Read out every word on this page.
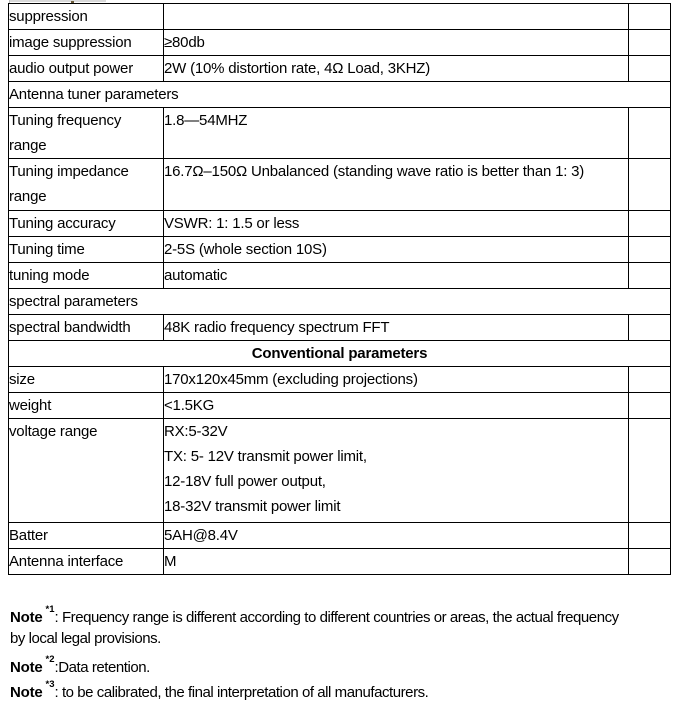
suppression		

image suppression	≥80db	

audio output power	2W (10% distortion rate, 4Ω Load, 3KHZ)	

Antenna tuner parameters		

Tuning frequency
range	1.8—54MHZ	

Tuning impedance
range	16.7Ω–150Ω Unbalanced (standing wave ratio is better than 1: 3)	

Tuning accuracy	VSWR: 1: 1.5 or less	

Tuning time	2-5S (whole section 10S)	

tuning mode	automatic	

spectral parameters		

spectral bandwidth	48K radio frequency spectrum FFT	

Conventional parameters		

size	170x120x45mm (excluding projections)	

weight	<1.5KG	

voltage range	RX:5-32V
TX: 5- 12V transmit power limit,
12-18V full power output,
18-32V transmit power limit	

Batter	5AH@8.4V	

Antenna interface	M	

Note $^{*1}$: Frequency range is different according to different countries or areas, the actual frequency
by local legal provisions.
Note $^{*2}$:Data retention.
Note $^{*3}$: to be calibrated, the final interpretation of all manufacturers.
